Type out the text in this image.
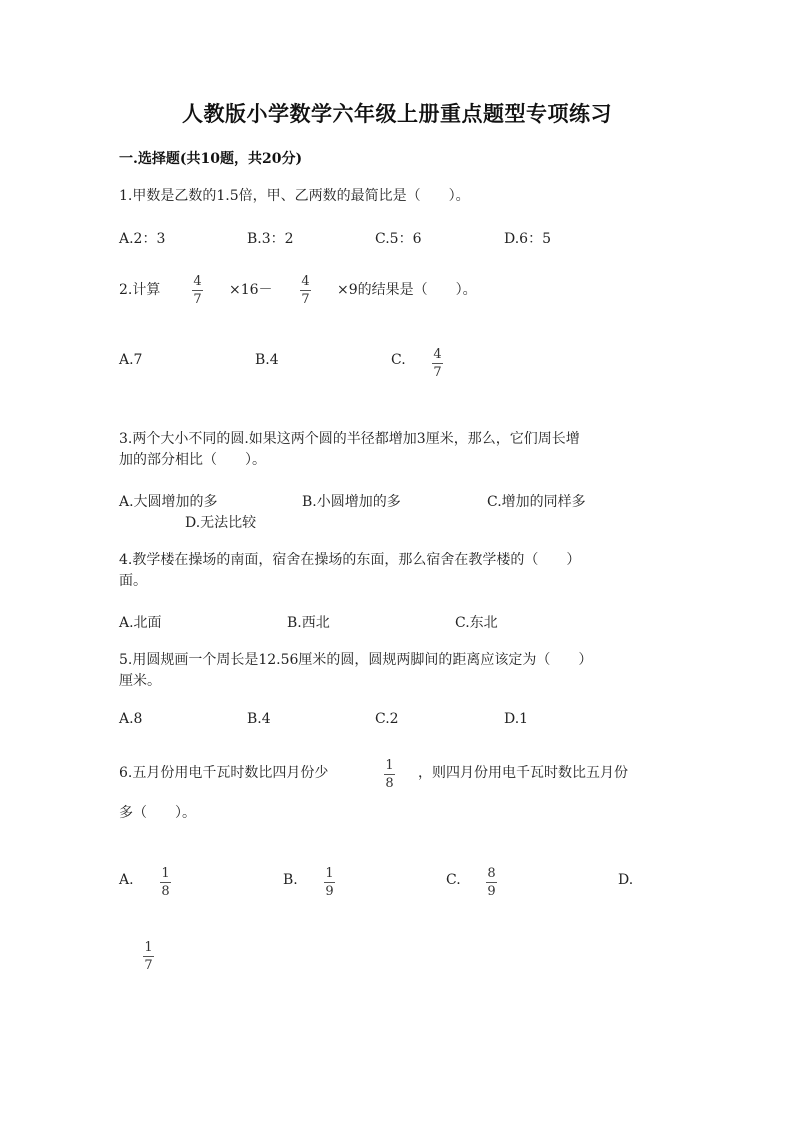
人教版小学数学六年级上册重点题型专项练习
一.选择题(共10题，共20分)
1.甲数是乙数的1.5倍，甲、乙两数的最简比是（　　）。
A.2：3	B.3：2	C.5：6	D.6：5
2.计算
4
7
×16－
4
7
×9的结果是（　　）。
A.7	B.4	C. 4
7
3.两个大小不同的圆.如果这两个圆的半径都增加3厘米，那么，它们周长增
加的部分相比（　　）。
A.大圆增加的多	B.小圆增加的多	C.增加的同样多
D.无法比较
4.教学楼在操场的南面，宿舍在操场的东面，那么宿舍在教学楼的（　　）
面。
A.北面	B.西北	C.东北
5.用圆规画一个周长是12.56厘米的圆，圆规两脚间的距离应该定为（　　）
厘米。
A.8	B.4	C.2	D.1
6.五月份用电千瓦时数比四月份少	1
8
，则四月份用电千瓦时数比五月份
多（　　）。
A. 1
8
B. 1
9
C. 8
9
D.
1
7
